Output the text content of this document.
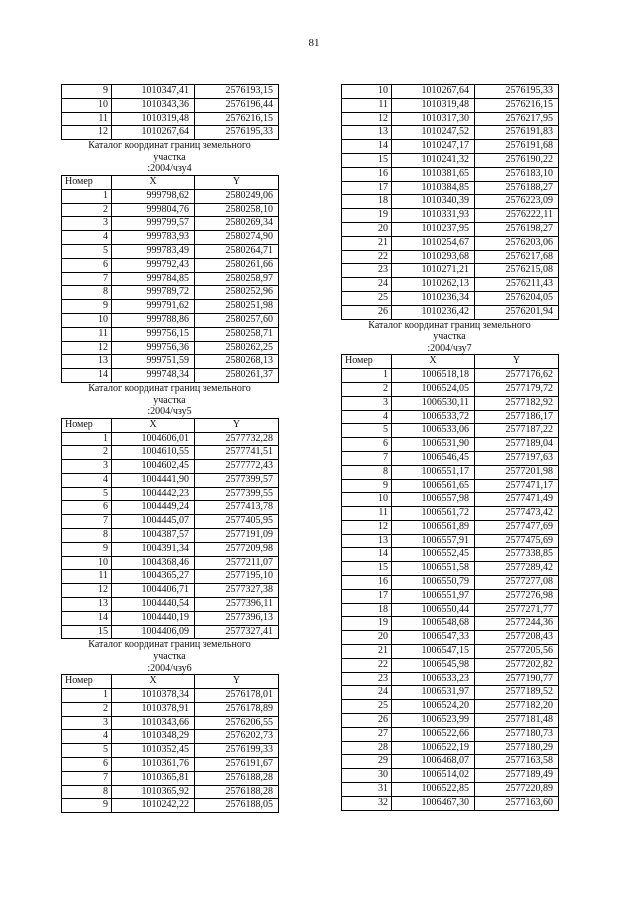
81
9	1010347,41	2576193,15
10	1010343,36	2576196,44
11	1010319,48	2576216,15
12	1010267,64	2576195,33
Каталог координат границ земельного
участка
:2004/чзу4
Номер	X	Y
1	999798,62	2580249,06
2	999804,76	2580258,10
3	999799,57	2580269,34
4	999783,93	2580274,90
5	999783,49	2580264,71
6	999792,43	2580261,66
7	999784,85	2580258,97
8	999789,72	2580252,96
9	999791,62	2580251,98
10	999788,86	2580257,60
11	999756,15	2580258,71
12	999756,36	2580262,25
13	999751,59	2580268,13
14	999748,34	2580261,37
Каталог координат границ земельного
участка
:2004/чзу5
Номер	X	Y
1	1004606,01	2577732,28
2	1004610,55	2577741,51
3	1004602,45	2577772,43
4	1004441,90	2577399,57
5	1004442,23	2577399,55
6	1004449,24	2577413,78
7	1004445,07	2577405,95
8	1004387,57	2577191,09
9	1004391,34	2577209,98
10	1004368,46	2577211,07
11	1004365,27	2577195,10
12	1004406,71	2577327,38
13	1004440,54	2577396,11
14	1004440,19	2577396,13
15	1004406,09	2577327,41
Каталог координат границ земельного
участка
:2004/чзу6
Номер	X	Y
1	1010378,34	2576178,01
2	1010378,91	2576178,89
3	1010343,66	2576206,55
4	1010348,29	2576202,73
5	1010352,45	2576199,33
6	1010361,76	2576191,67
7	1010365,81	2576188,28
8	1010365,92	2576188,28
9	1010242,22	2576188,05
10	1010267,64	2576195,33
11	1010319,48	2576216,15
12	1010317,30	2576217,95
13	1010247,52	2576191,83
14	1010247,17	2576191,68
15	1010241,32	2576190,22
16	1010381,65	2576183,10
17	1010384,85	2576188,27
18	1010340,39	2576223,09
19	1010331,93	2576222,11
20	1010237,95	2576198,27
21	1010254,67	2576203,06
22	1010293,68	2576217,68
23	1010271,21	2576215,08
24	1010262,13	2576211,43
25	1010236,34	2576204,05
26	1010236,42	2576201,94
Каталог координат границ земельного
участка
:2004/чзу7
Номер	X	Y
1	1006518,18	2577176,62
2	1006524,05	2577179,72
3	1006530,11	2577182,92
4	1006533,72	2577186,17
5	1006533,06	2577187,22
6	1006531,90	2577189,04
7	1006546,45	2577197,63
8	1006551,17	2577201,98
9	1006561,65	2577471,17
10	1006557,98	2577471,49
11	1006561,72	2577473,42
12	1006561,89	2577477,69
13	1006557,91	2577475,69
14	1006552,45	2577338,85
15	1006551,58	2577289,42
16	1006550,79	2577277,08
17	1006551,97	2577276,98
18	1006550,44	2577271,77
19	1006548,68	2577244,36
20	1006547,33	2577208,43
21	1006547,15	2577205,56
22	1006545,98	2577202,82
23	1006533,23	2577190,77
24	1006531,97	2577189,52
25	1006524,20	2577182,20
26	1006523,99	2577181,48
27	1006522,66	2577180,73
28	1006522,19	2577180,29
29	1006468,07	2577163,58
30	1006514,02	2577189,49
31	1006522,85	2577220,89
32	1006467,30	2577163,60
